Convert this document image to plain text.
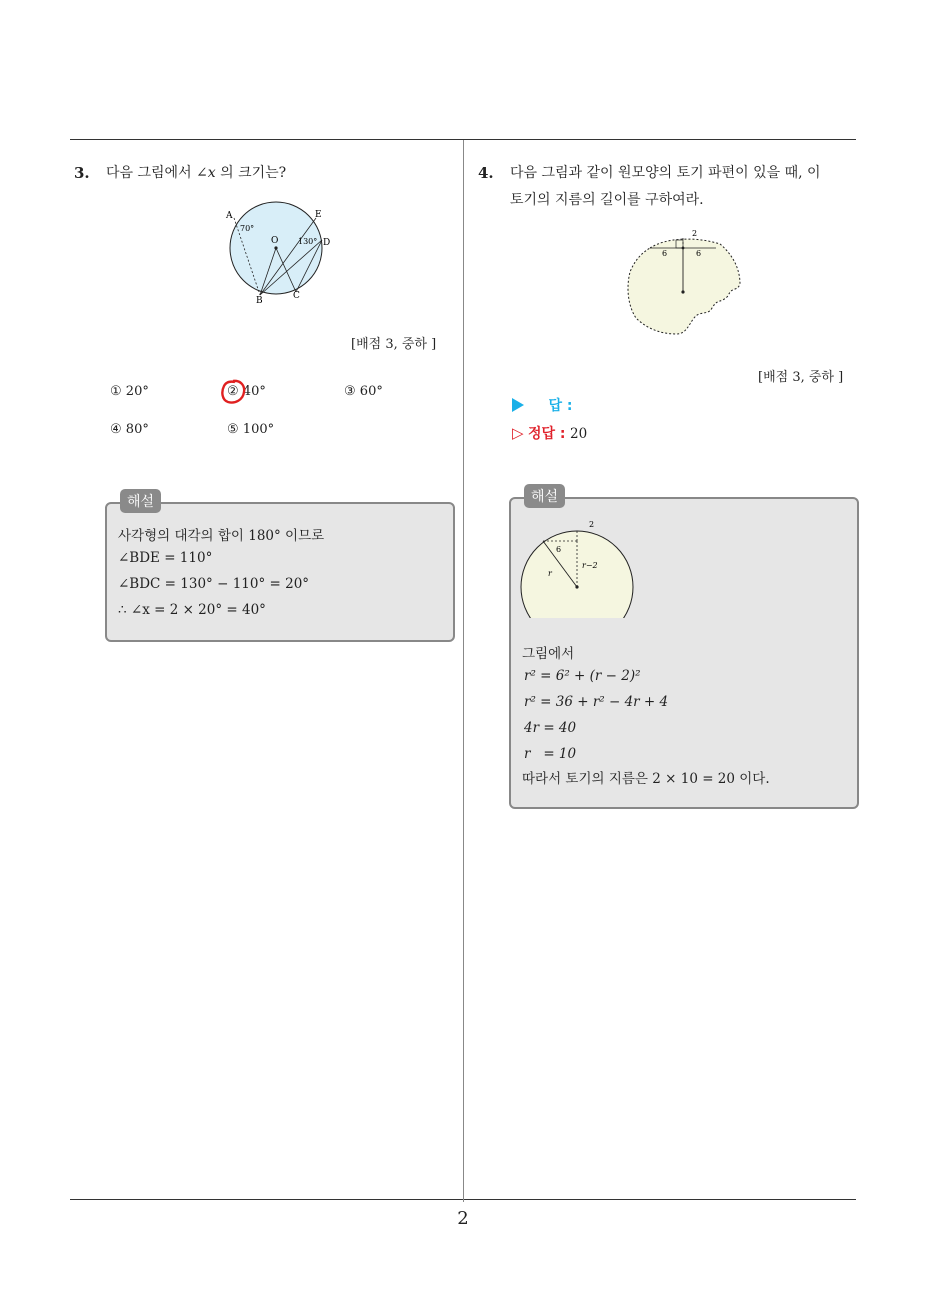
3. 다음 그림에서 ∠x 의 크기는?
A	E
O	D
B	C
70°
130°
[배점 3, 중하 ]
① 20°	② 40°	③ 60°
④ 80°	⑤ 100°
해설
사각형의 대각의 합이 180° 이므로
∠BDE = 110°
∠BDC = 130° − 110° = 20°
∴ ∠x = 2 × 20° = 40°
4. 다음 그림과 같이 원모양의 토기 파편이 있을 때, 이
토기의 지름의 길이를 구하여라.
6	6
2
[배점 3, 중하 ]
답 :
▷ 정답 : 20
해설
2
6
r
r−2
그림에서
r² = 6² + (r − 2)²
r² = 36 + r² − 4r + 4
4r = 40
r   = 10
따라서 토기의 지름은 2 × 10 = 20 이다.
2
